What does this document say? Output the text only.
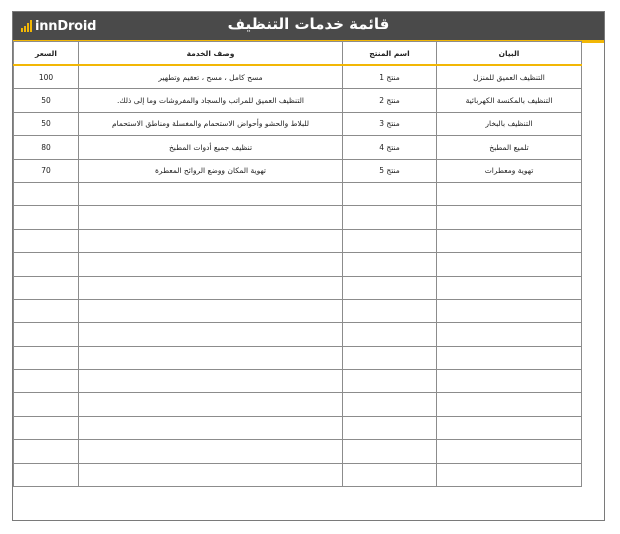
innDroid	قائمة خدمات التنظيف
البيان	اسم المنتج	وصف الخدمة	السعر
التنظيف العميق للمنزل	منتج 1	مسح كامل ، مسح ، تعقيم وتطهير	100
التنظيف بالمكنسة الكهربائية	منتج 2	التنظيف العميق للمراتب والسجاد والمفروشات وما إلى ذلك.	50
التنظيف بالبخار	منتج 3	للبلاط والحشو وأحواض الاستحمام والمغسلة ومناطق الاستحمام	50
تلميع المطبخ	منتج 4	تنظيف جميع أدوات المطبخ	80
تهوية ومعطرات	منتج 5	تهوية المكان ووضع الروائح المعطرة	70
